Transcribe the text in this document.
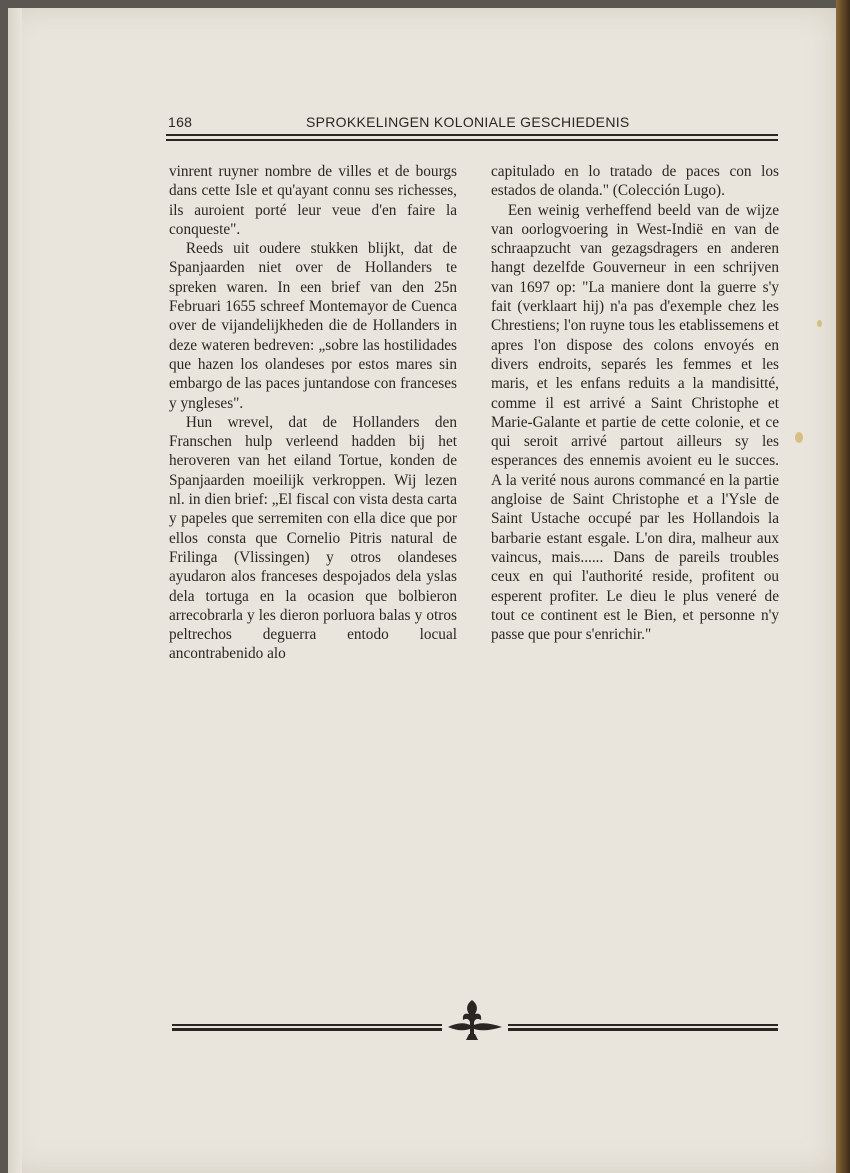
168	SPROKKELINGEN KOLONIALE GESCHIEDENIS

vinrent ruyner nombre de villes et de bourgs dans cette Isle et qu'ayant connu ses richesses, ils auroient porté leur veue d'en faire la conqueste".

Reeds uit oudere stukken blijkt, dat de Spanjaarden niet over de Hollanders te spreken waren. In een brief van den 25n Februari 1655 schreef Montemayor de Cuenca over de vijandelijkheden die de Hollanders in deze wateren bedreven: „sobre las hostilidades que hazen los olandeses por estos mares sin embargo de las paces juntandose con franceses y yngleses".

Hun wrevel, dat de Hollanders den Franschen hulp verleend hadden bij het heroveren van het eiland Tortue, konden de Spanjaarden moeilijk verkroppen. Wij lezen nl. in dien brief: „El fiscal con vista desta carta y papeles que serremiten con ella dice que por ellos consta que Cornelio Pitris natural de Frilinga (Vlissingen) y otros olandeses ayudaron alos franceses despojados dela yslas dela tortuga en la ocasion que bolbieron arrecobrarla y les dieron porluora balas y otros peltrechos deguerra entodo locual ancontrabenido alo

capitulado en lo tratado de paces con los estados de olanda." (Colección Lugo).

Een weinig verheffend beeld van de wijze van oorlogvoering in West-Indië en van de schraapzucht van gezagsdragers en anderen hangt dezelfde Gouverneur in een schrijven van 1697 op: "La maniere dont la guerre s'y fait (verklaart hij) n'a pas d'exemple chez les Chrestiens; l'on ruyne tous les etablissemens et apres l'on dispose des colons envoyés en divers endroits, separés les femmes et les maris, et les enfans reduits a la mandisitté, comme il est arrivé a Saint Christophe et Marie-Galante et partie de cette colonie, et ce qui seroit arrivé partout ailleurs sy les esperances des ennemis avoient eu le succes. A la verité nous aurons commancé en la partie angloise de Saint Christophe et a l'Ysle de Saint Ustache occupé par les Hollandois la barbarie estant esgale. L'on dira, malheur aux vaincus, mais...... Dans de pareils troubles ceux en qui l'authorité reside, profitent ou esperent profiter. Le dieu le plus veneré de tout ce continent est le Bien, et personne n'y passe que pour s'enrichir."
